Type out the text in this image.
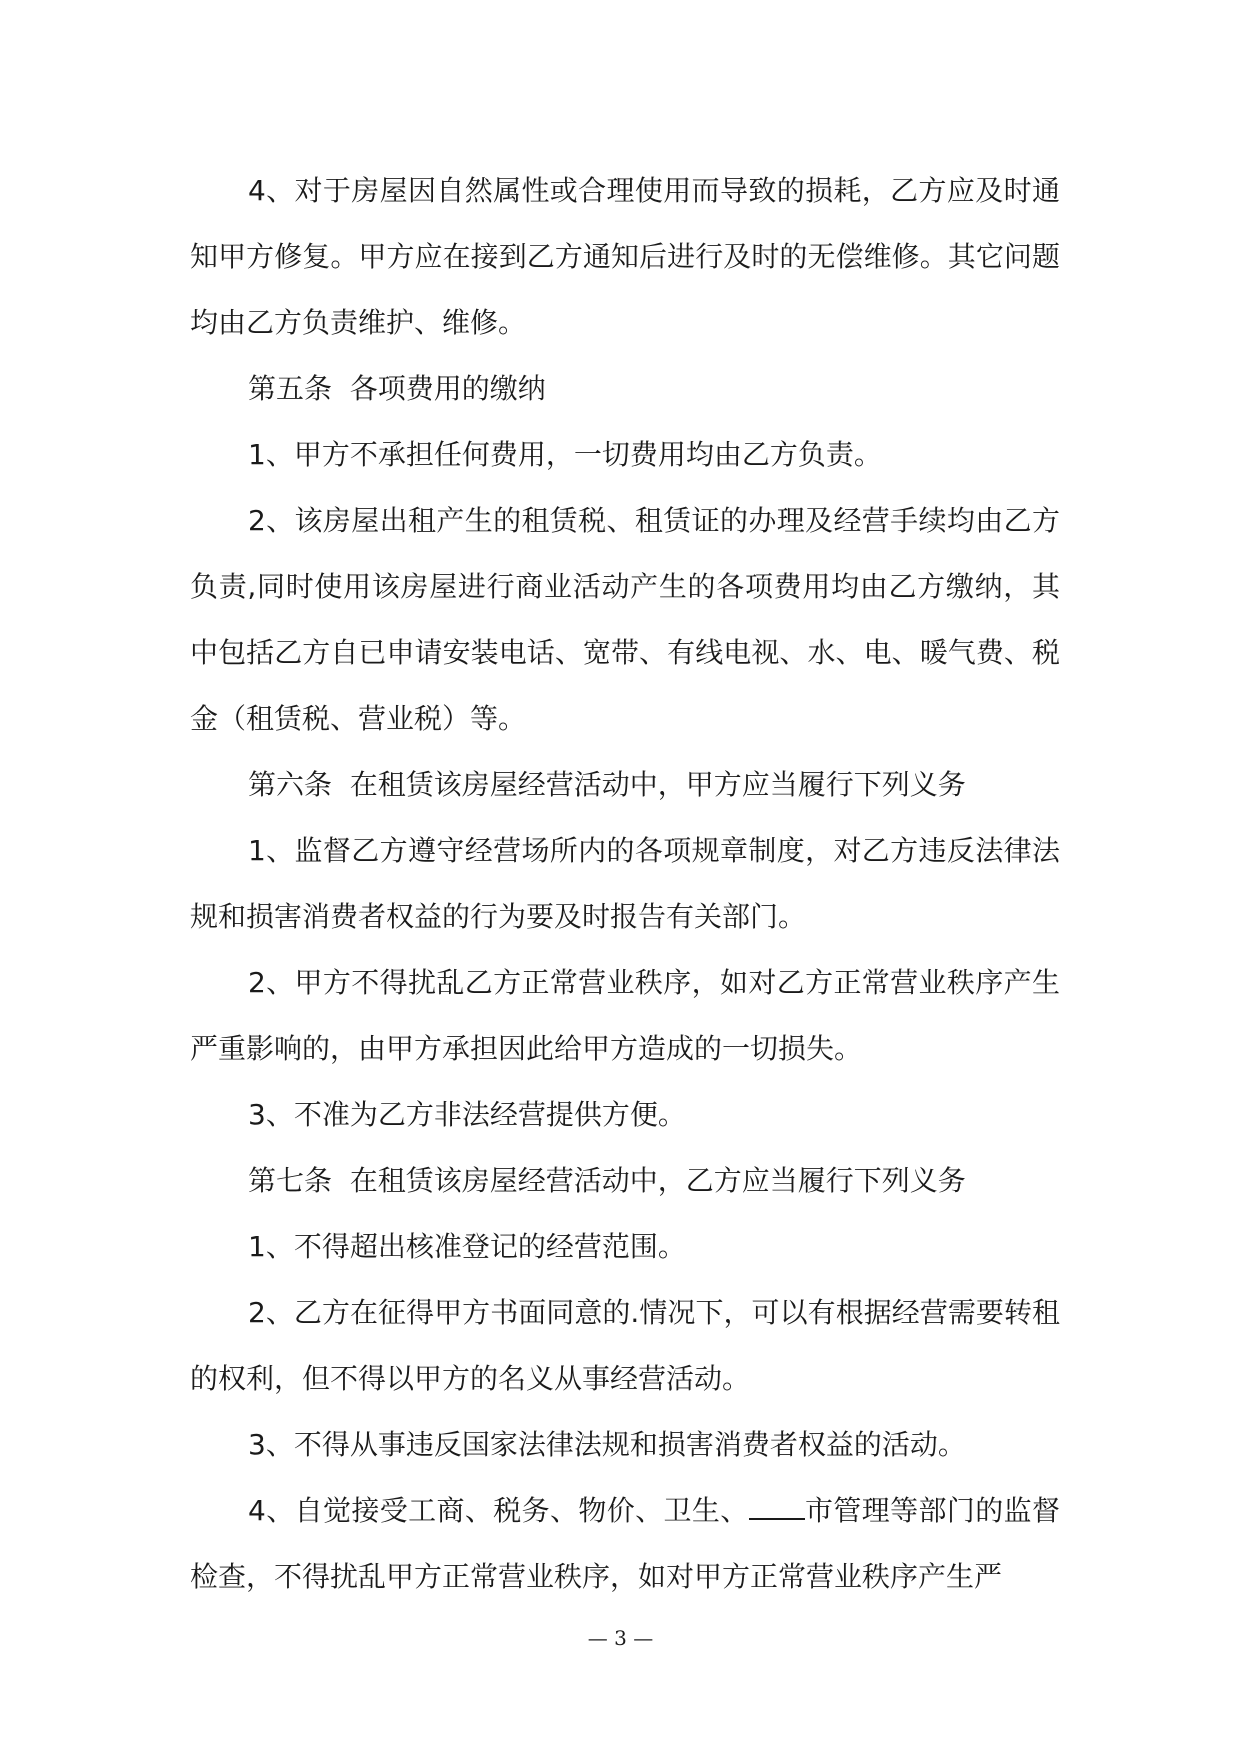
4、对于房屋因自然属性或合理使用而导致的损耗，乙方应及时通知甲方修复。甲方应在接到乙方通知后进行及时的无偿维修。其它问题均由乙方负责维护、维修。

第五条  各项费用的缴纳

1、甲方不承担任何费用，一切费用均由乙方负责。

2、该房屋出租产生的租赁税、租赁证的办理及经营手续均由乙方负责,同时使用该房屋进行商业活动产生的各项费用均由乙方缴纳，其中包括乙方自已申请安装电话、宽带、有线电视、水、电、暖气费、税金（租赁税、营业税）等。

第六条  在租赁该房屋经营活动中，甲方应当履行下列义务

1、监督乙方遵守经营场所内的各项规章制度，对乙方违反法律法规和损害消费者权益的行为要及时报告有关部门。

2、甲方不得扰乱乙方正常营业秩序，如对乙方正常营业秩序产生严重影响的，由甲方承担因此给甲方造成的一切损失。

3、不准为乙方非法经营提供方便。

第七条  在租赁该房屋经营活动中，乙方应当履行下列义务

1、不得超出核准登记的经营范围。

2、乙方在征得甲方书面同意的.情况下，可以有根据经营需要转租的权利，但不得以甲方的名义从事经营活动。

3、不得从事违反国家法律法规和损害消费者权益的活动。

4、自觉接受工商、税务、物价、卫生、 市管理等部门的监督检查，不得扰乱甲方正常营业秩序，如对甲方正常营业秩序产生严

— 3 —
